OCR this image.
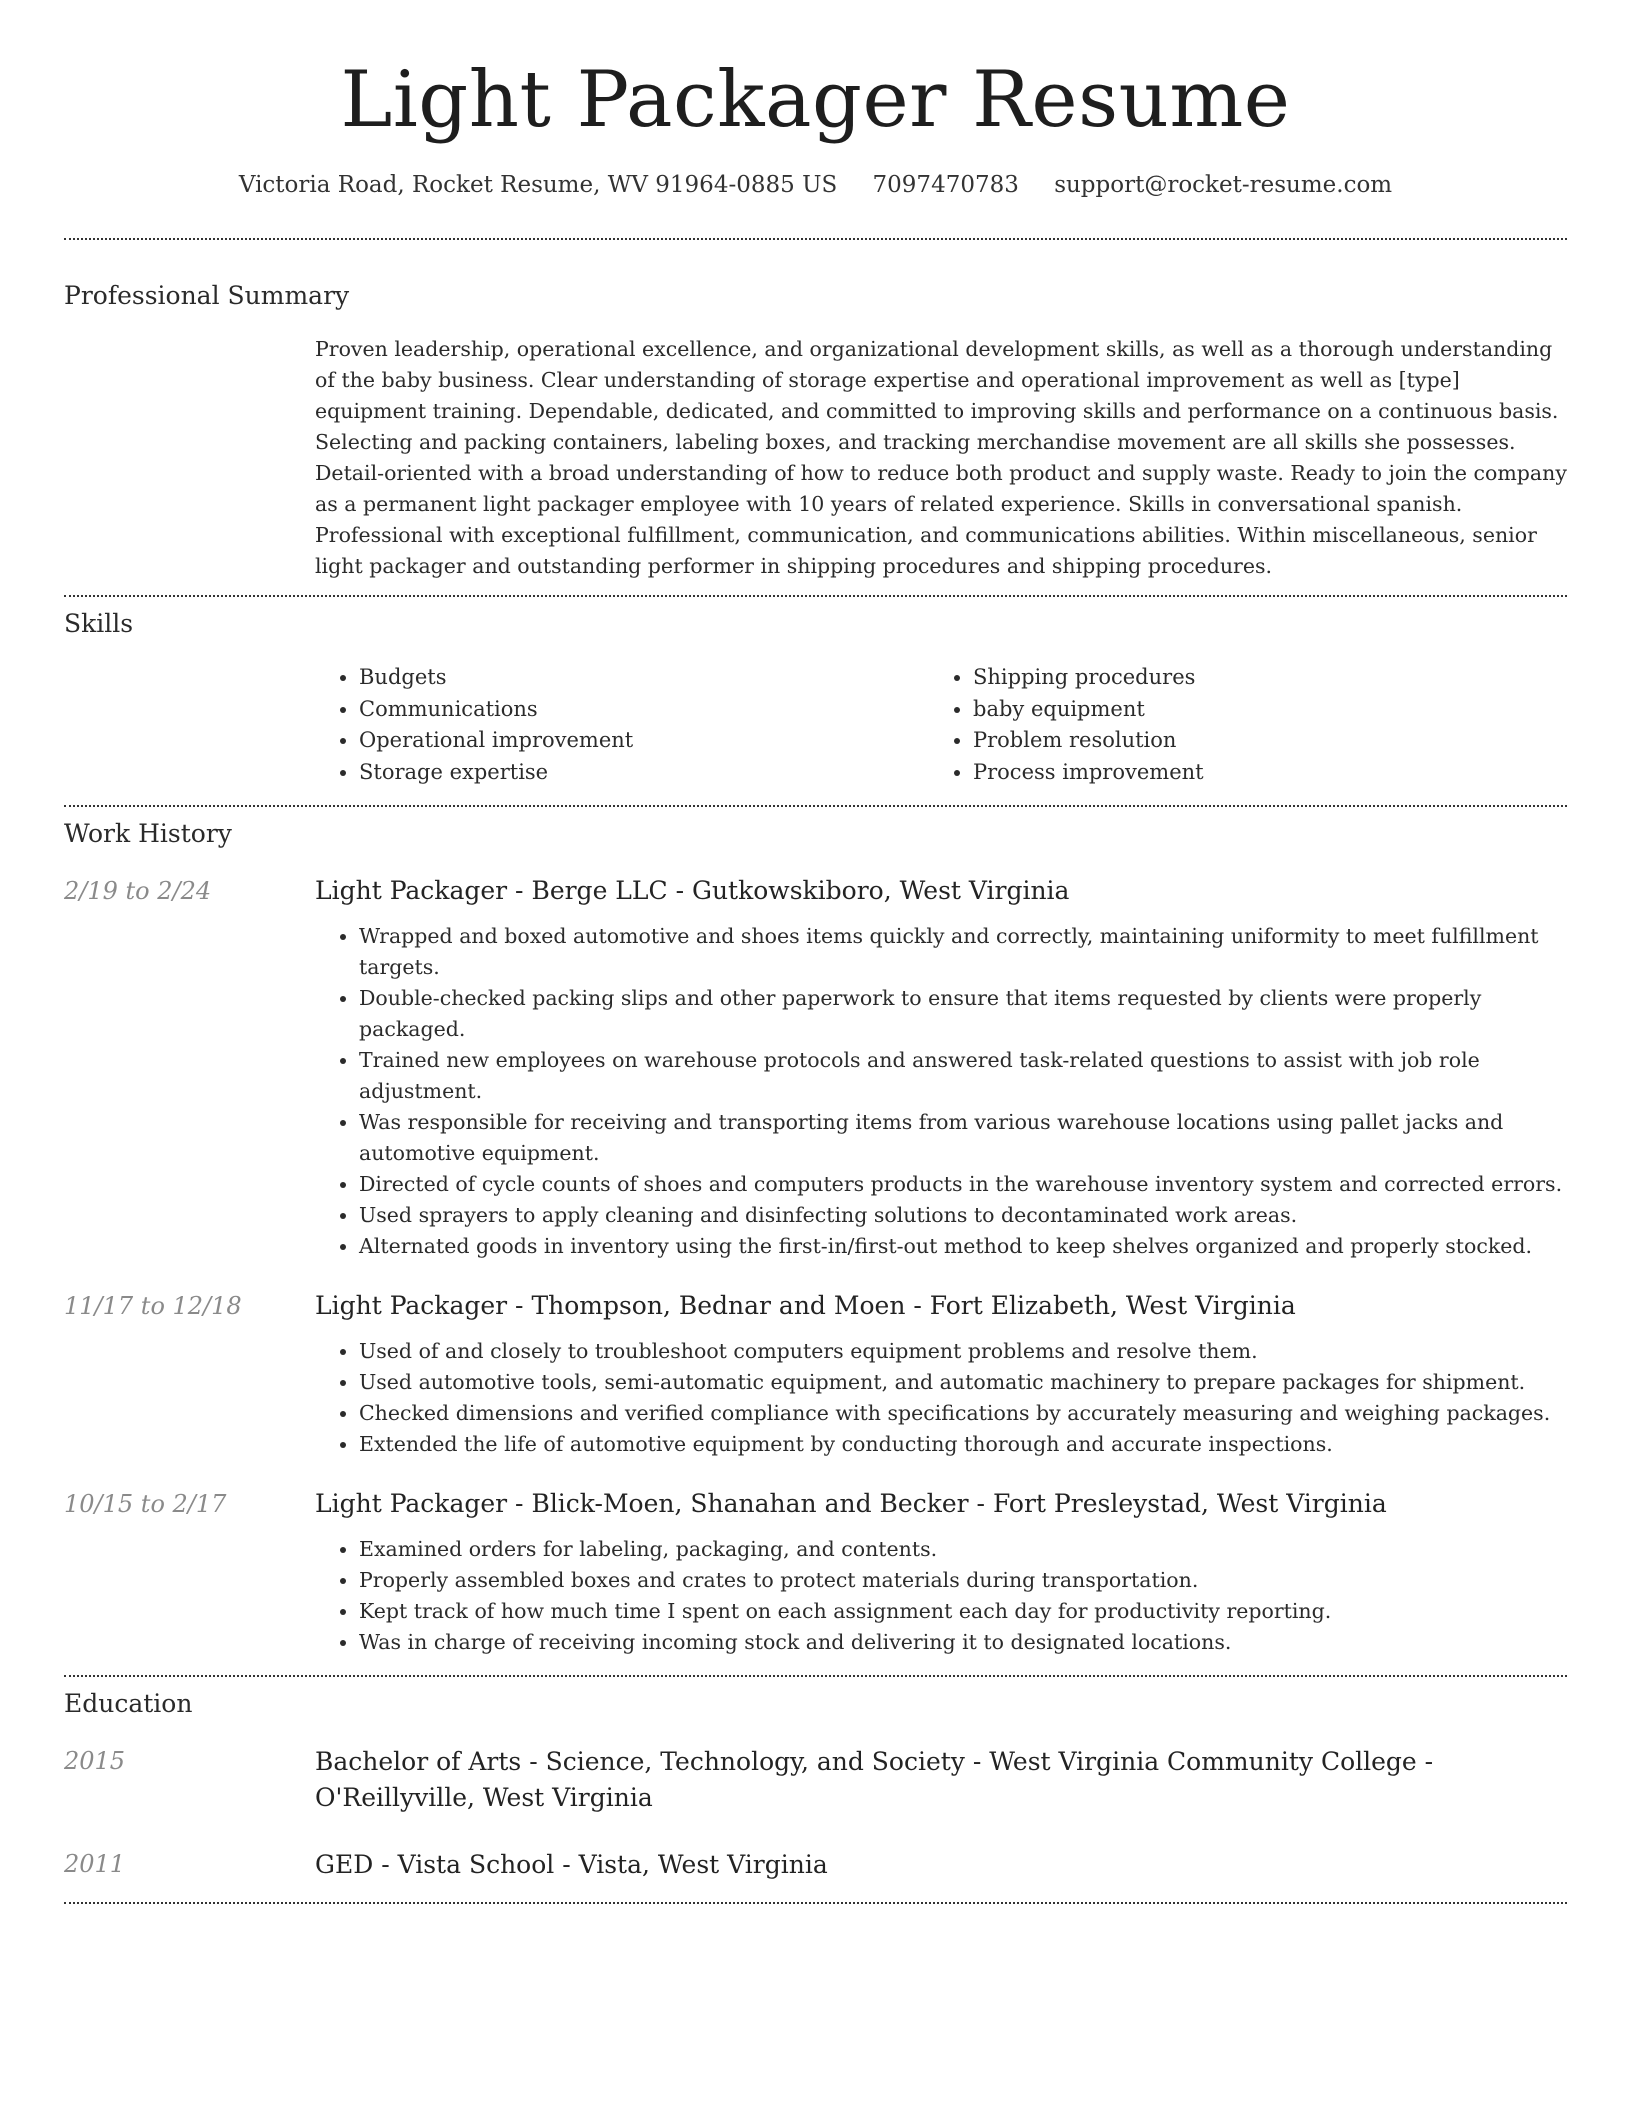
Light Packager Resume
Victoria Road, Rocket Resume, WV 91964-0885 US 7097470783 support@rocket-resume.com
Professional Summary

Proven leadership, operational excellence, and organizational development skills, as well as a thorough understanding of the baby business. Clear understanding of storage expertise and operational improvement as well as [type] equipment training. Dependable, dedicated, and committed to improving skills and performance on a continuous basis. Selecting and packing containers, labeling boxes, and tracking merchandise movement are all skills she possesses. Detail-oriented with a broad understanding of how to reduce both product and supply waste. Ready to join the company as a permanent light packager employee with 10 years of related experience. Skills in conversational spanish. Professional with exceptional fulfillment, communication, and communications abilities. Within miscellaneous, senior light packager and outstanding performer in shipping procedures and shipping procedures.

Skills
• Budgets
• Communications
• Operational improvement
• Storage expertise
• Shipping procedures
• baby equipment
• Problem resolution
• Process improvement
Work History
2/19 to 2/24	Light Packager - Berge LLC - Gutkowskiboro, West Virginia
• Wrapped and boxed automotive and shoes items quickly and correctly, maintaining uniformity to meet fulfillment targets.
• Double-checked packing slips and other paperwork to ensure that items requested by clients were properly packaged.
• Trained new employees on warehouse protocols and answered task-related questions to assist with job role adjustment.
• Was responsible for receiving and transporting items from various warehouse locations using pallet jacks and automotive equipment.
• Directed of cycle counts of shoes and computers products in the warehouse inventory system and corrected errors.
• Used sprayers to apply cleaning and disinfecting solutions to decontaminated work areas.
• Alternated goods in inventory using the first-in/first-out method to keep shelves organized and properly stocked.
11/17 to 12/18	Light Packager - Thompson, Bednar and Moen - Fort Elizabeth, West Virginia
• Used of and closely to troubleshoot computers equipment problems and resolve them.
• Used automotive tools, semi-automatic equipment, and automatic machinery to prepare packages for shipment.
• Checked dimensions and verified compliance with specifications by accurately measuring and weighing packages.
• Extended the life of automotive equipment by conducting thorough and accurate inspections.
10/15 to 2/17	Light Packager - Blick-Moen, Shanahan and Becker - Fort Presleystad, West Virginia
• Examined orders for labeling, packaging, and contents.
• Properly assembled boxes and crates to protect materials during transportation.
• Kept track of how much time I spent on each assignment each day for productivity reporting.
• Was in charge of receiving incoming stock and delivering it to designated locations.
Education
2015	Bachelor of Arts - Science, Technology, and Society - West Virginia Community College - O'Reillyville, West Virginia
2011	GED - Vista School - Vista, West Virginia
